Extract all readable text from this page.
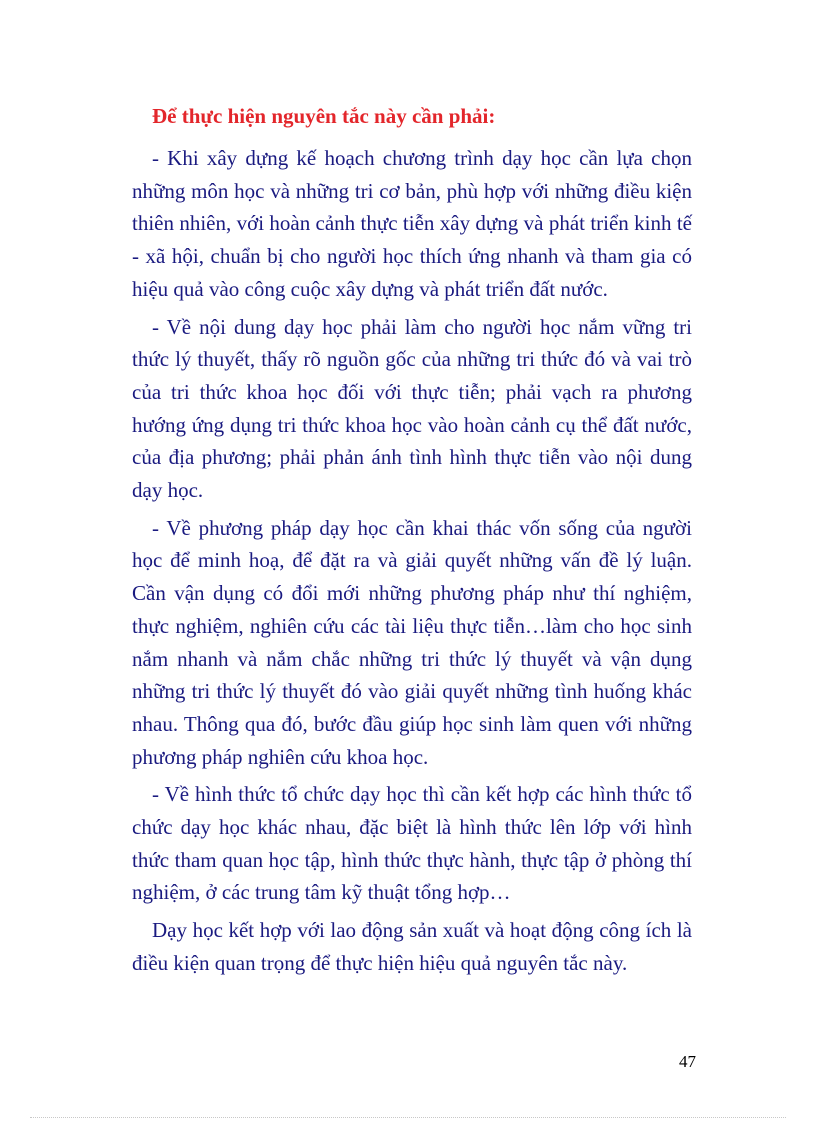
Để thực hiện nguyên tắc này cần phải:

- Khi xây dựng kế hoạch chương trình dạy học cần lựa chọn những môn học và những tri cơ bản, phù hợp với những điều kiện thiên nhiên, với hoàn cảnh thực tiễn xây dựng và phát triển kinh tế - xã hội, chuẩn bị cho người học thích ứng nhanh và tham gia có hiệu quả vào công cuộc xây dựng và phát triển đất nước.

- Về nội dung dạy học phải làm cho người học nắm vững tri thức lý thuyết, thấy rõ nguồn gốc của những tri thức đó và vai trò của tri thức khoa học đối với thực tiễn; phải vạch ra phương hướng ứng dụng tri thức khoa học vào hoàn cảnh cụ thể đất nước, của địa phương; phải phản ánh tình hình thực tiễn vào nội dung dạy học.

- Về phương pháp dạy học cần khai thác vốn sống của người học để minh hoạ, để đặt ra và giải quyết những vấn đề lý luận. Cần vận dụng có đổi mới những phương pháp như thí nghiệm, thực nghiệm, nghiên cứu các tài liệu thực tiễn…làm cho học sinh nắm nhanh và nắm chắc những tri thức lý thuyết và vận dụng những tri thức lý thuyết đó vào giải quyết những tình huống khác nhau. Thông qua đó, bước đầu giúp học sinh làm quen với những phương pháp nghiên cứu khoa học.

- Về hình thức tổ chức dạy học thì cần kết hợp các hình thức tổ chức dạy học khác nhau, đặc biệt là hình thức lên lớp với hình thức tham quan học tập, hình thức thực hành, thực tập ở phòng thí nghiệm, ở các trung tâm kỹ thuật tổng hợp…

Dạy học kết hợp với lao động sản xuất và hoạt động công ích là điều kiện quan trọng để thực hiện hiệu quả nguyên tắc này.

47
